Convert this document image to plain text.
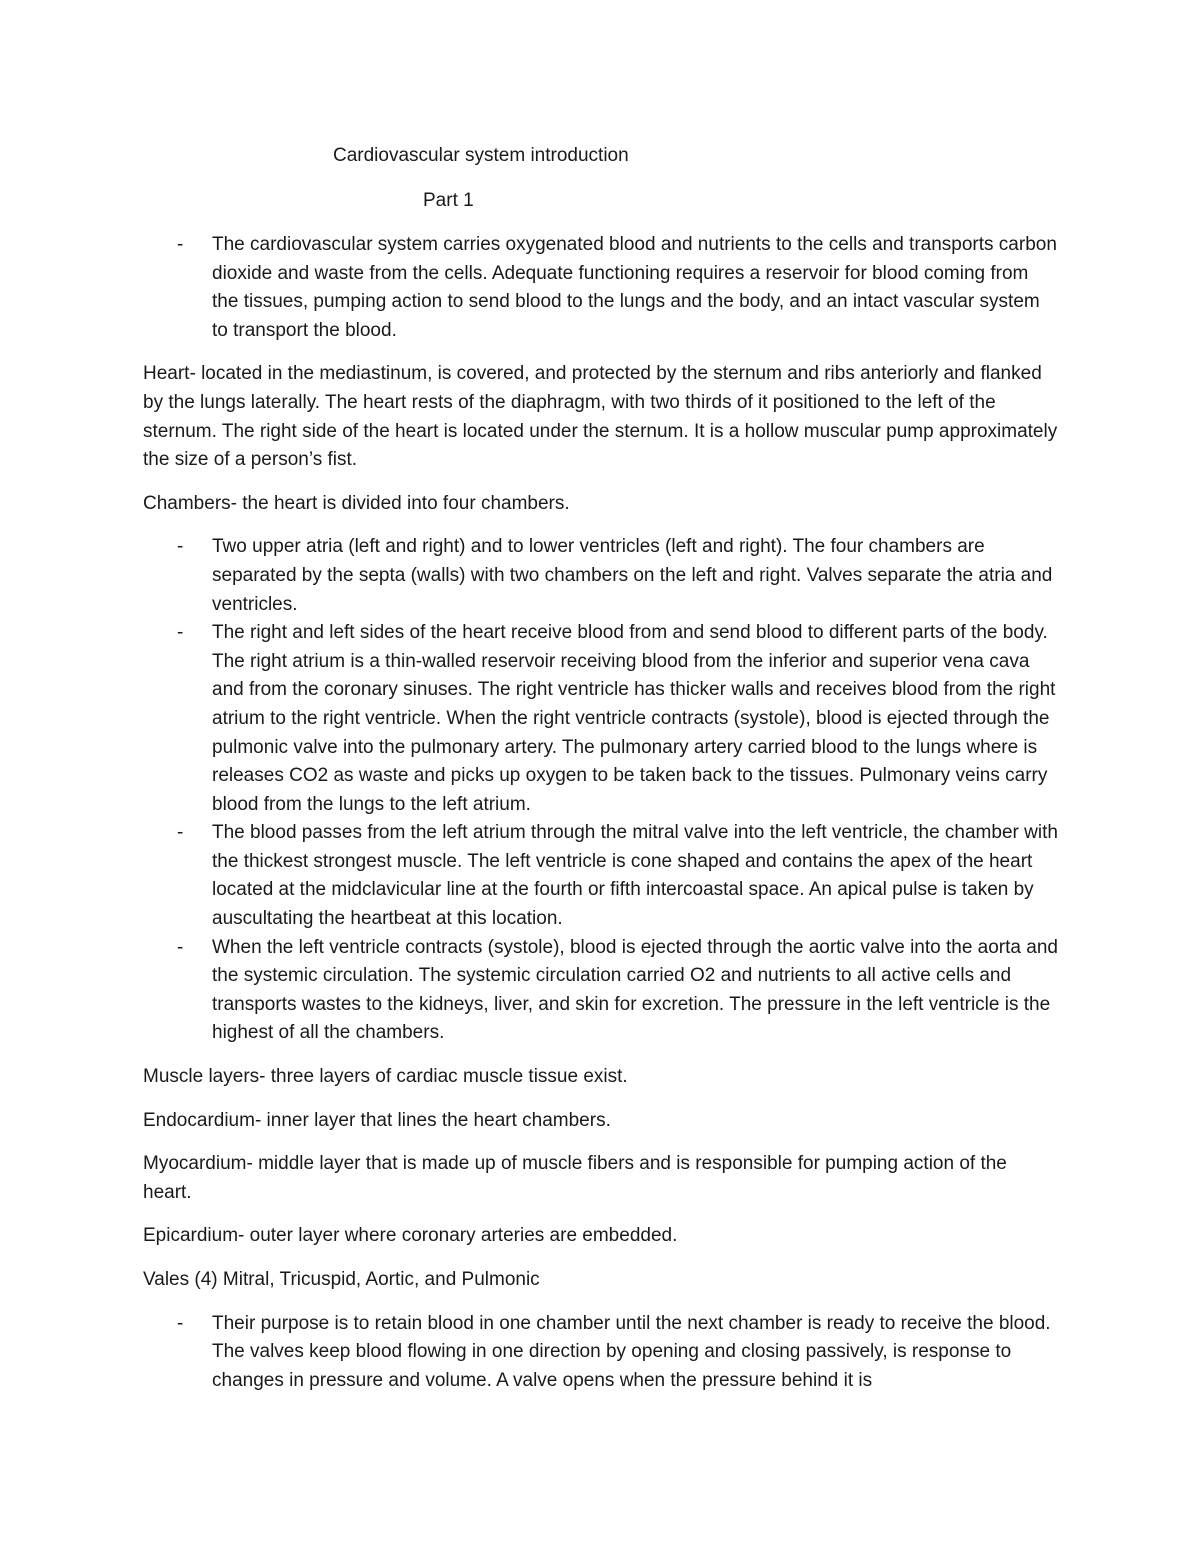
Cardiovascular system introduction
Part 1
- The cardiovascular system carries oxygenated blood and nutrients to the cells and transports carbon dioxide and waste from the cells. Adequate functioning requires a reservoir for blood coming from the tissues, pumping action to send blood to the lungs and the body, and an intact vascular system to transport the blood.

Heart- located in the mediastinum, is covered, and protected by the sternum and ribs anteriorly and flanked by the lungs laterally. The heart rests of the diaphragm, with two thirds of it positioned to the left of the sternum. The right side of the heart is located under the sternum. It is a hollow muscular pump approximately the size of a person’s fist.

Chambers- the heart is divided into four chambers.

- Two upper atria (left and right) and to lower ventricles (left and right). The four chambers are separated by the septa (walls) with two chambers on the left and right. Valves separate the atria and ventricles.
- The right and left sides of the heart receive blood from and send blood to different parts of the body. The right atrium is a thin-walled reservoir receiving blood from the inferior and superior vena cava and from the coronary sinuses. The right ventricle has thicker walls and receives blood from the right atrium to the right ventricle. When the right ventricle contracts (systole), blood is ejected through the pulmonic valve into the pulmonary artery. The pulmonary artery carried blood to the lungs where is releases CO2 as waste and picks up oxygen to be taken back to the tissues. Pulmonary veins carry blood from the lungs to the left atrium.
- The blood passes from the left atrium through the mitral valve into the left ventricle, the chamber with the thickest strongest muscle. The left ventricle is cone shaped and contains the apex of the heart located at the midclavicular line at the fourth or fifth intercoastal space. An apical pulse is taken by auscultating the heartbeat at this location.
- When the left ventricle contracts (systole), blood is ejected through the aortic valve into the aorta and the systemic circulation. The systemic circulation carried O2 and nutrients to all active cells and transports wastes to the kidneys, liver, and skin for excretion. The pressure in the left ventricle is the highest of all the chambers.

Muscle layers- three layers of cardiac muscle tissue exist.

Endocardium- inner layer that lines the heart chambers.

Myocardium- middle layer that is made up of muscle fibers and is responsible for pumping action of the heart.

Epicardium- outer layer where coronary arteries are embedded.

Vales (4) Mitral, Tricuspid, Aortic, and Pulmonic

- Their purpose is to retain blood in one chamber until the next chamber is ready to receive the blood. The valves keep blood flowing in one direction by opening and closing passively, is response to changes in pressure and volume. A valve opens when the pressure behind it is
